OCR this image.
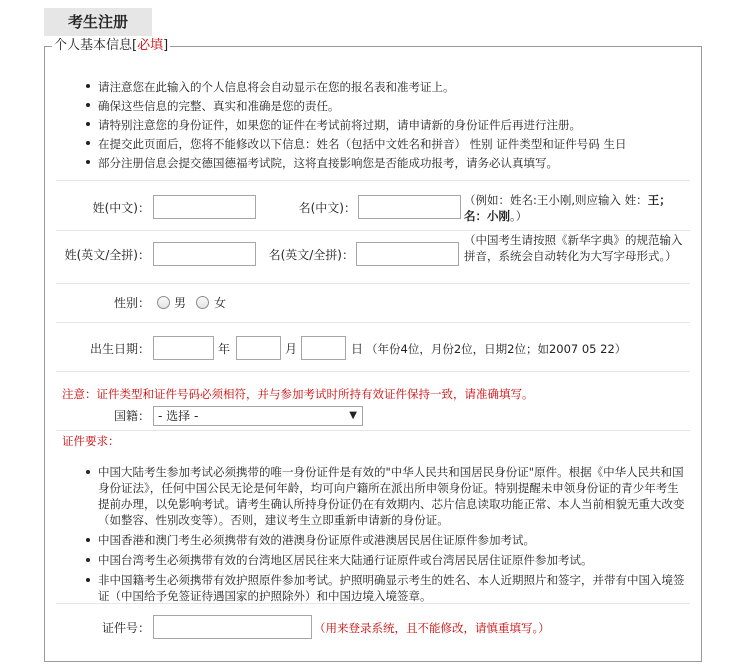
考生注册
个人基本信息[必填]
请注意您在此输入的个人信息将会自动显示在您的报名表和准考证上。
确保这些信息的完整、真实和准确是您的责任。
请特别注意您的身份证件，如果您的证件在考试前将过期，请申请新的身份证件后再进行注册。
在提交此页面后，您将不能修改以下信息：姓名（包括中文姓名和拼音） 性别 证件类型和证件号码 生日
部分注册信息会提交德国德福考试院，这将直接影响您是否能成功报考，请务必认真填写。
姓(中文)：	名(中文)：
（例如：姓名:王小刚,则应输入 姓：王；名：小刚。）
姓(英文/全拼)：	名(英文/全拼)：
（中国考生请按照《新华字典》的规范输入拼音，系统会自动转化为大写字母形式。）
性别： 男 女
出生日期：	年	月	日 （年份4位，月份2位，日期2位；如2007 05 22）
注意：证件类型和证件号码必须相符，并与参加考试时所持有效证件保持一致，请准确填写。
国籍： - 选择 -	▼
证件要求：
中国大陆考生参加考试必须携带的唯一身份证件是有效的"中华人民共和国居民身份证"原件。根据《中华人民共和国身份证法》，任何中国公民无论是何年龄，均可向户籍所在派出所申领身份证。特别提醒未申领身份证的青少年考生提前办理，以免影响考试。请考生确认所持身份证仍在有效期内、芯片信息读取功能正常、本人当前相貌无重大改变（如整容、性别改变等）。否则，建议考生立即重新申请新的身份证。
中国香港和澳门考生必须携带有效的港澳身份证原件或港澳居民居住证原件参加考试。
中国台湾考生必须携带有效的台湾地区居民往来大陆通行证原件或台湾居民居住证原件参加考试。
非中国籍考生必须携带有效护照原件参加考试。护照明确显示考生的姓名、本人近期照片和签字，并带有中国入境签证（中国给予免签证待遇国家的护照除外）和中国边境入境签章。
证件号：	（用来登录系统，且不能修改，请慎重填写。）
